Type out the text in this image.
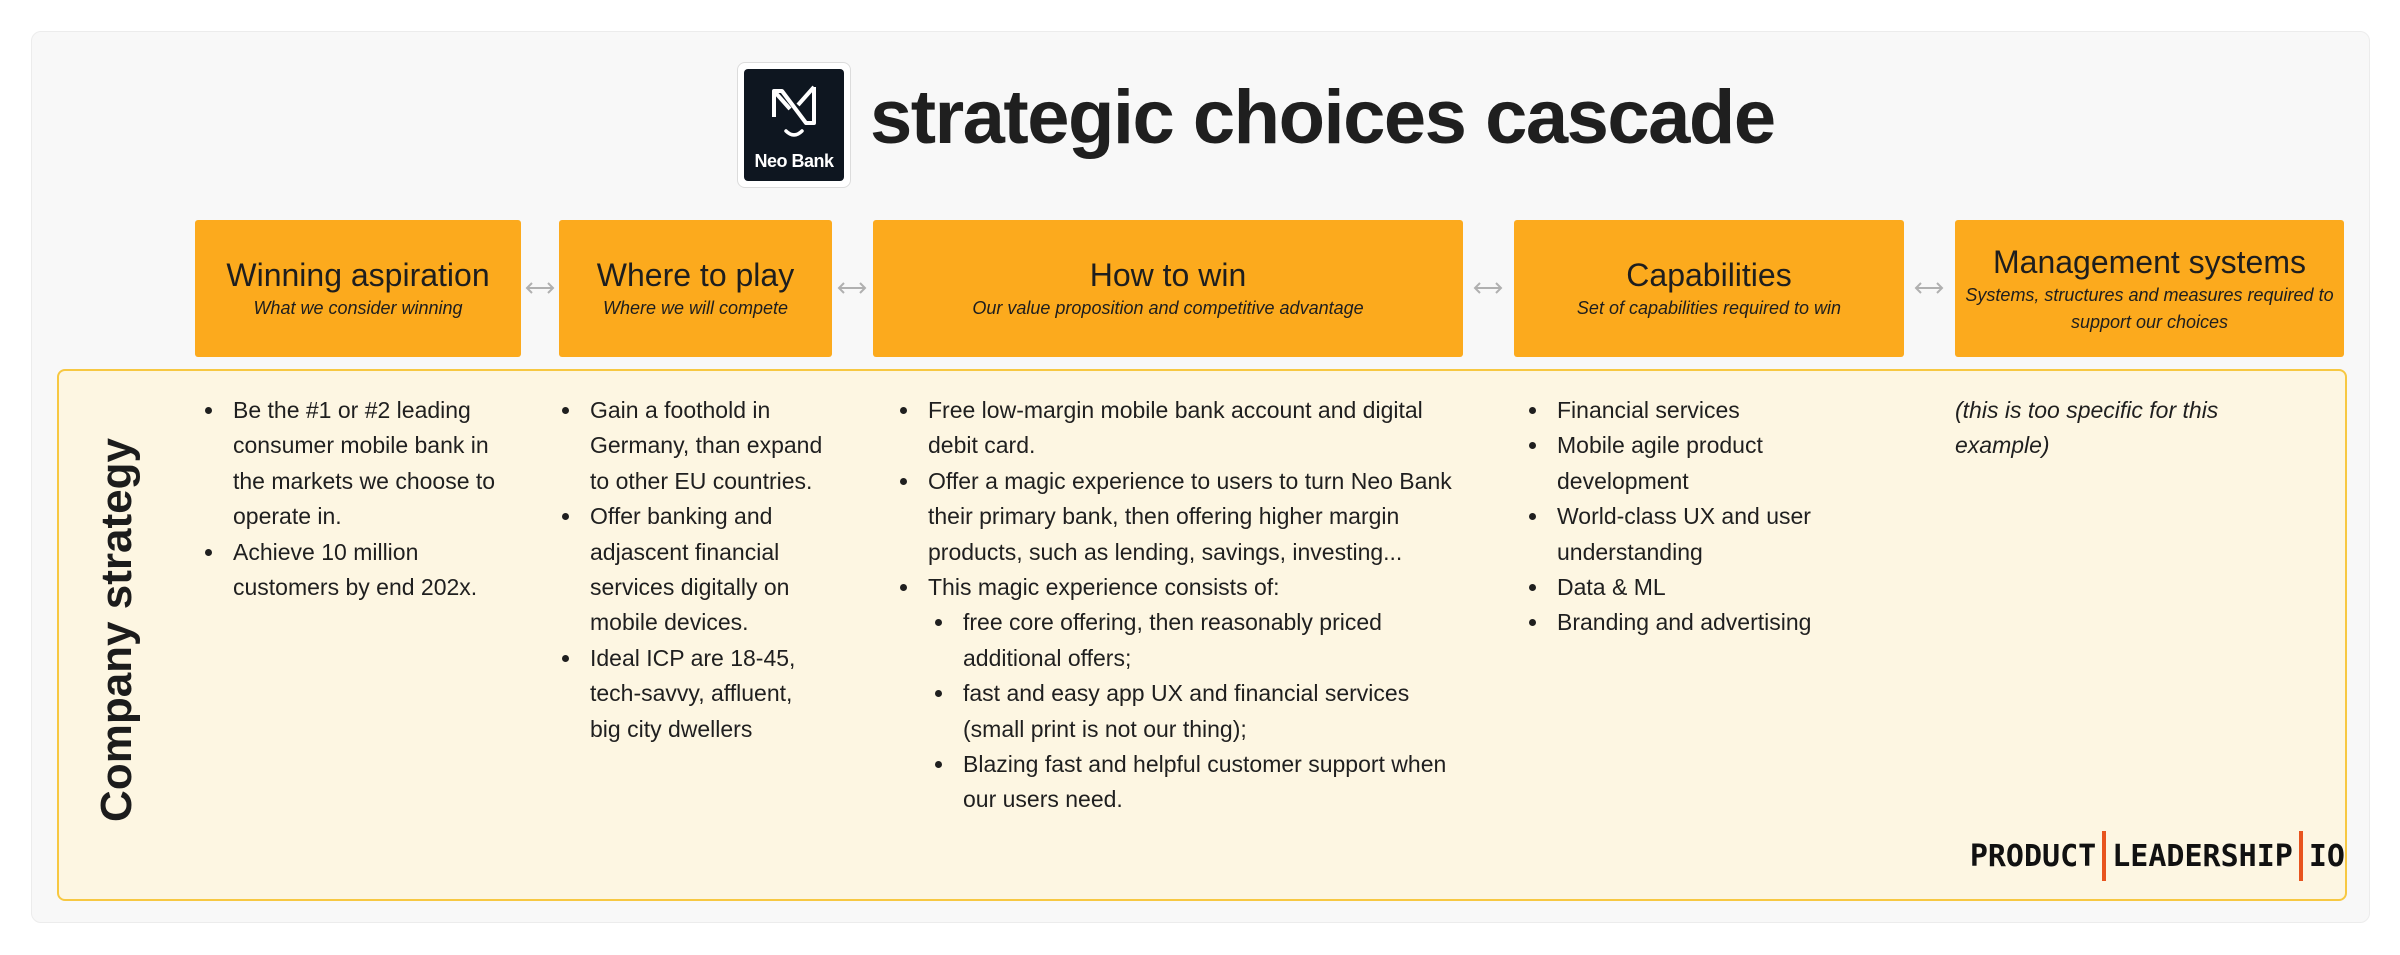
Neo Bank
strategic choices cascade
Winning aspiration
What we consider winning
Where to play
Where we will compete
How to win
Our value proposition and competitive advantage
Capabilities
Set of capabilities required to win
Management systems
Systems, structures and measures required to support our choices
Company strategy
• Be the #1 or #2 leading consumer mobile bank in the markets we choose to operate in.
• Achieve 10 million customers by end 202x.
• Gain a foothold in Germany, than expand to other EU countries.
• Offer banking and adjascent financial services digitally on mobile devices.
• Ideal ICP are 18-45, tech-savvy, affluent, big city dwellers
• Free low-margin mobile bank account and digital debit card.
• Offer a magic experience to users to turn Neo Bank their primary bank, then offering higher margin products, such as lending, savings, investing...
• This magic experience consists of:
• free core offering, then reasonably priced additional offers;
• fast and easy app UX and financial services (small print is not our thing);
• Blazing fast and helpful customer support when our users need.
• Financial services
• Mobile agile product development
• World-class UX and user understanding
• Data & ML
• Branding and advertising
(this is too specific for this example)
PRODUCT LEADERSHIP IO
